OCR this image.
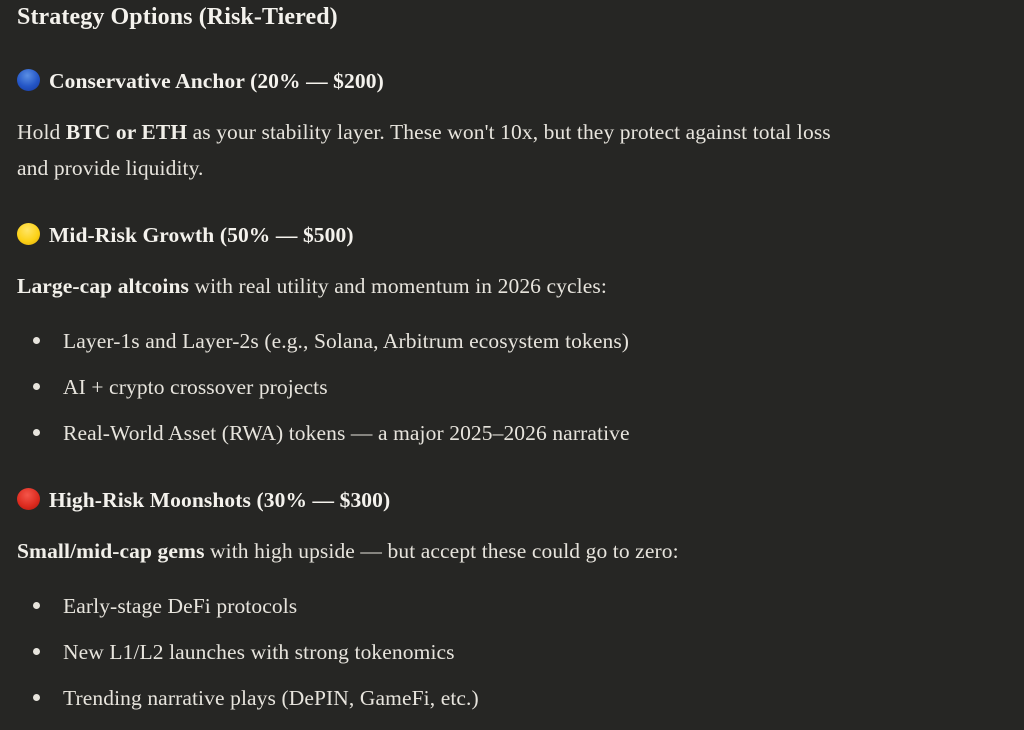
Strategy Options (Risk-Tiered)
Conservative Anchor (20% — $200)

Hold BTC or ETH as your stability layer. These won't 10x, but they protect against total loss
and provide liquidity.

Mid-Risk Growth (50% — $500)

Large-cap altcoins with real utility and momentum in 2026 cycles:

Layer-1s and Layer-2s (e.g., Solana, Arbitrum ecosystem tokens)
AI + crypto crossover projects
Real-World Asset (RWA) tokens — a major 2025–2026 narrative
High-Risk Moonshots (30% — $300)

Small/mid-cap gems with high upside — but accept these could go to zero:

Early-stage DeFi protocols
New L1/L2 launches with strong tokenomics
Trending narrative plays (DePIN, GameFi, etc.)
